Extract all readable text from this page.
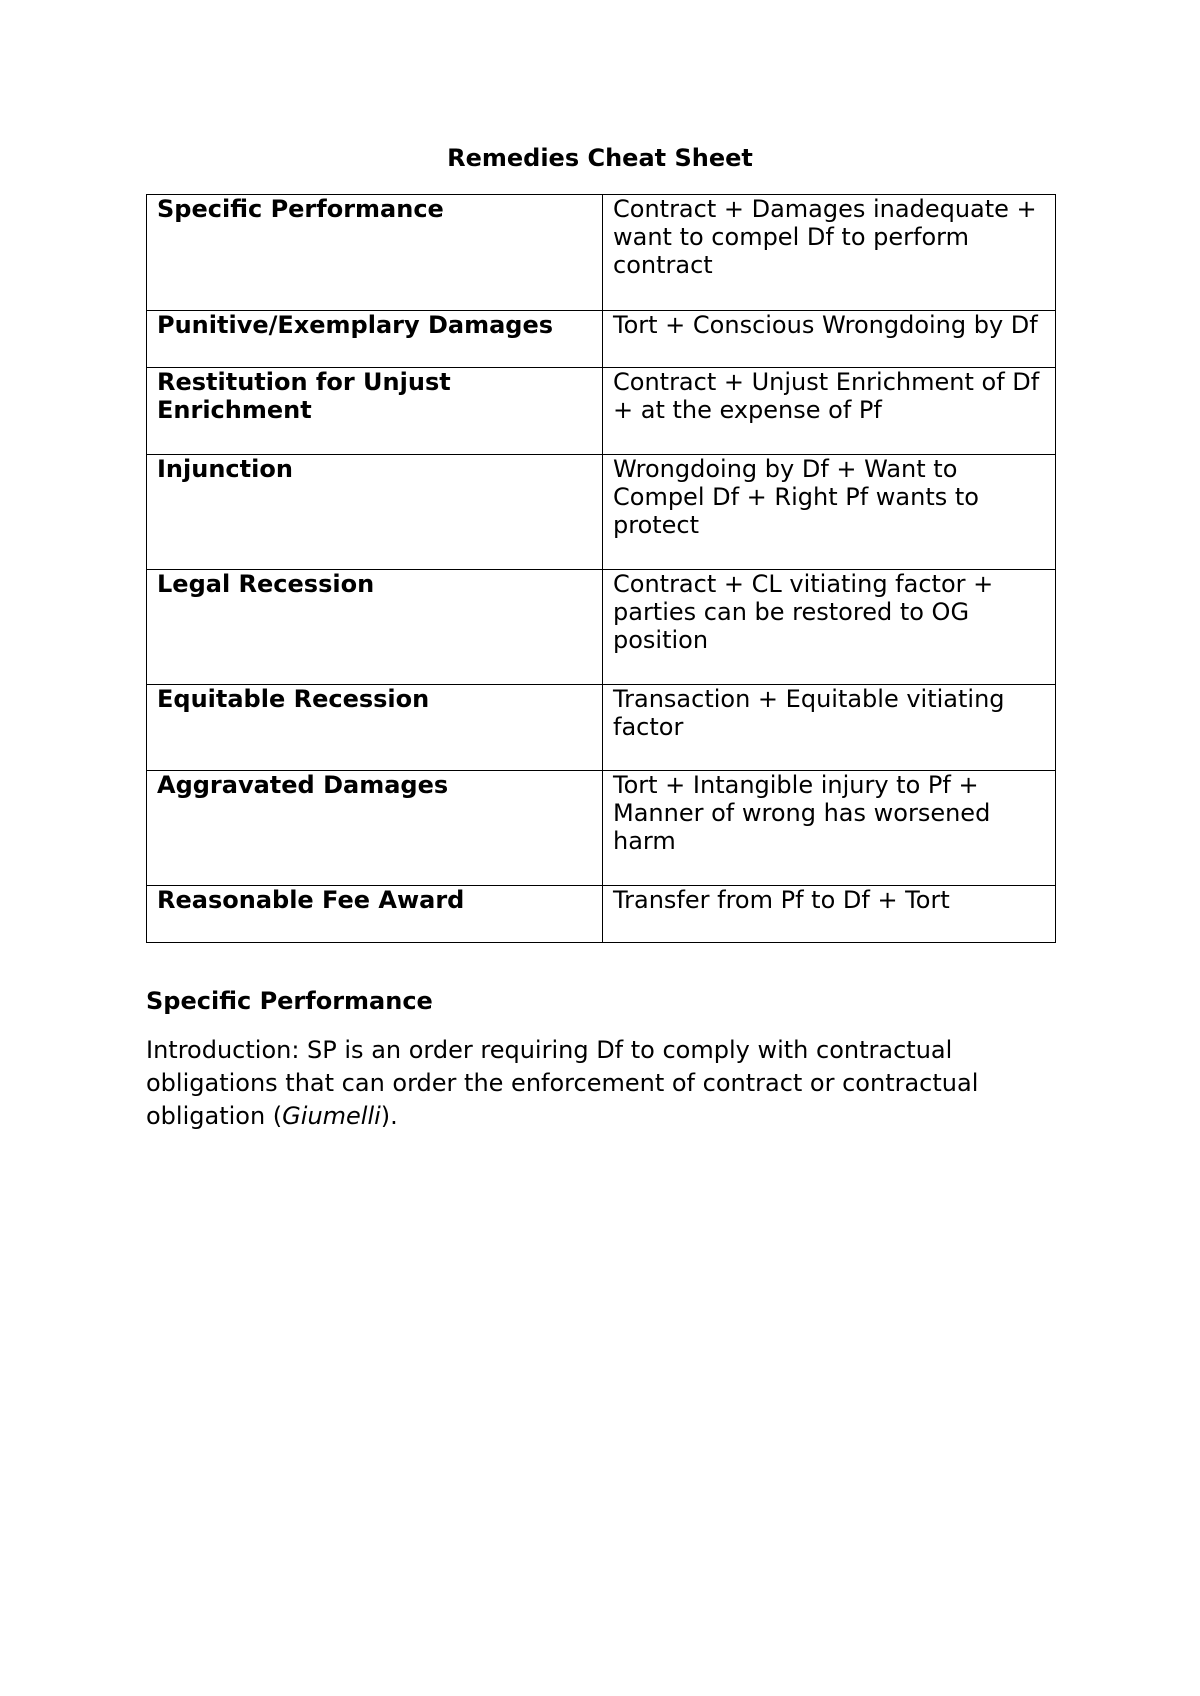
Remedies Cheat Sheet
Specific Performance	Contract + Damages inadequate + want to compel Df to perform contract
Punitive/Exemplary Damages	Tort + Conscious Wrongdoing by Df
Restitution for Unjust Enrichment	Contract + Unjust Enrichment of Df + at the expense of Pf
Injunction	Wrongdoing by Df + Want to Compel Df + Right Pf wants to protect
Legal Recession	Contract + CL vitiating factor + parties can be restored to OG position
Equitable Recession	Transaction + Equitable vitiating factor
Aggravated Damages	Tort + Intangible injury to Pf + Manner of wrong has worsened harm
Reasonable Fee Award	Transfer from Pf to Df + Tort
Specific Performance
Introduction: SP is an order requiring Df to comply with contractual obligations that can order the enforcement of contract or contractual obligation (Giumelli).
